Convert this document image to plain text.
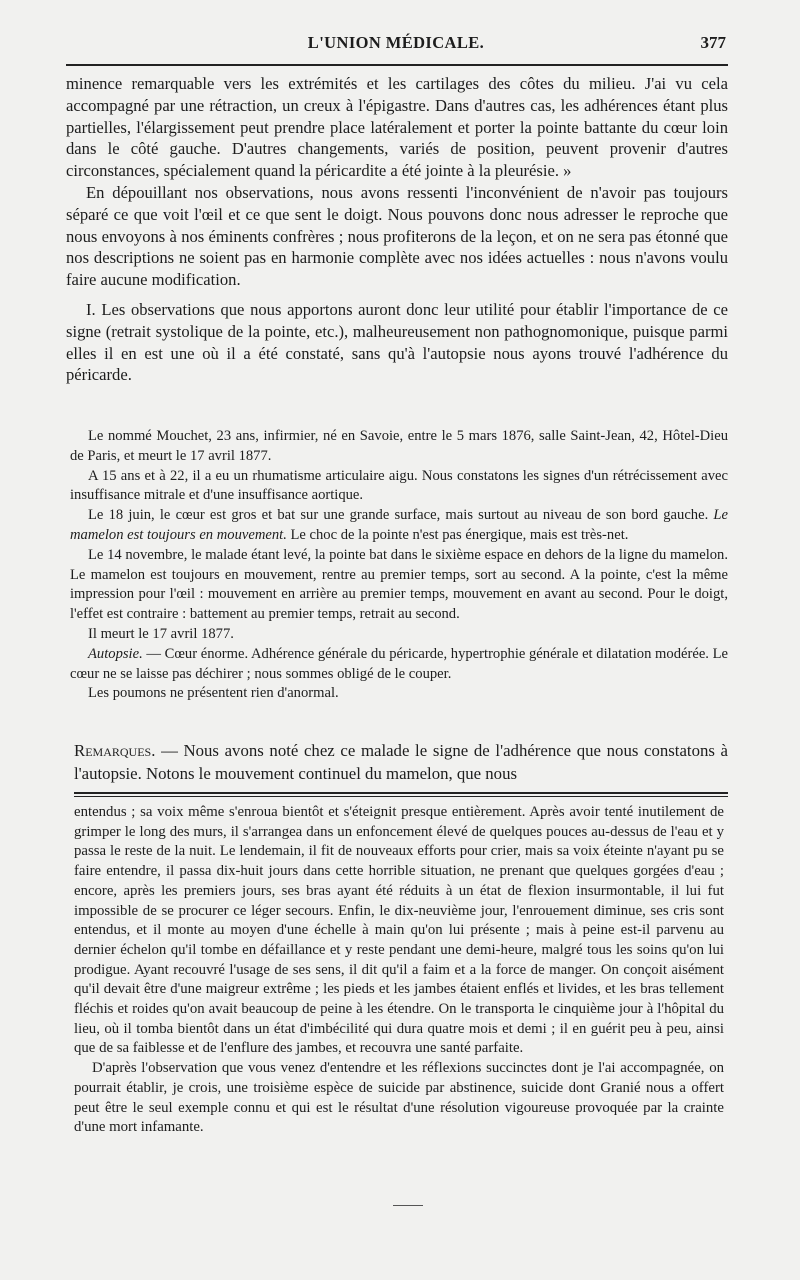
L'UNION MÉDICALE.	377

minence remarquable vers les extrémités et les cartilages des côtes du milieu. J'ai vu cela accompagné par une rétraction, un creux à l'épigastre. Dans d'autres cas, les adhérences étant plus partielles, l'élargissement peut prendre place latéralement et porter la pointe battante du cœur loin dans le côté gauche. D'autres changements, variés de position, peuvent provenir d'autres circonstances, spécialement quand la péricardite a été jointe à la pleurésie. »

En dépouillant nos observations, nous avons ressenti l'inconvénient de n'avoir pas toujours séparé ce que voit l'œil et ce que sent le doigt. Nous pouvons donc nous adresser le reproche que nous envoyons à nos éminents confrères ; nous profiterons de la leçon, et on ne sera pas étonné que nos descriptions ne soient pas en harmonie complète avec nos idées actuelles : nous n'avons voulu faire aucune modification.

I. Les observations que nous apportons auront donc leur utilité pour établir l'importance de ce signe (retrait systolique de la pointe, etc.), malheureusement non pathognomonique, puisque parmi elles il en est une où il a été constaté, sans qu'à l'autopsie nous ayons trouvé l'adhérence du péricarde.

Le nommé Mouchet, 23 ans, infirmier, né en Savoie, entre le 5 mars 1876, salle Saint-Jean, 42, Hôtel-Dieu de Paris, et meurt le 17 avril 1877.

A 15 ans et à 22, il a eu un rhumatisme articulaire aigu. Nous constatons les signes d'un rétrécissement avec insuffisance mitrale et d'une insuffisance aortique.

Le 18 juin, le cœur est gros et bat sur une grande surface, mais surtout au niveau de son bord gauche. Le mamelon est toujours en mouvement. Le choc de la pointe n'est pas énergique, mais est très-net.

Le 14 novembre, le malade étant levé, la pointe bat dans le sixième espace en dehors de la ligne du mamelon. Le mamelon est toujours en mouvement, rentre au premier temps, sort au second. A la pointe, c'est la même impression pour l'œil : mouvement en arrière au premier temps, mouvement en avant au second. Pour le doigt, l'effet est contraire : battement au premier temps, retrait au second.

Il meurt le 17 avril 1877.

Autopsie. — Cœur énorme. Adhérence générale du péricarde, hypertrophie générale et dilatation modérée. Le cœur ne se laisse pas déchirer ; nous sommes obligé de le couper.

Les poumons ne présentent rien d'anormal.

Remarques. — Nous avons noté chez ce malade le signe de l'adhérence que nous constatons à l'autopsie. Notons le mouvement continuel du mamelon, que nous

entendus ; sa voix même s'enroua bientôt et s'éteignit presque entièrement. Après avoir tenté inutilement de grimper le long des murs, il s'arrangea dans un enfoncement élevé de quelques pouces au-dessus de l'eau et y passa le reste de la nuit. Le lendemain, il fit de nouveaux efforts pour crier, mais sa voix éteinte n'ayant pu se faire entendre, il passa dix-huit jours dans cette horrible situation, ne prenant que quelques gorgées d'eau ; encore, après les premiers jours, ses bras ayant été réduits à un état de flexion insurmontable, il lui fut impossible de se procurer ce léger secours. Enfin, le dix-neuvième jour, l'enrouement diminue, ses cris sont entendus, et il monte au moyen d'une échelle à main qu'on lui présente ; mais à peine est-il parvenu au dernier échelon qu'il tombe en défaillance et y reste pendant une demi-heure, malgré tous les soins qu'on lui prodigue. Ayant recouvré l'usage de ses sens, il dit qu'il a faim et a la force de manger. On conçoit aisément qu'il devait être d'une maigreur extrême ; les pieds et les jambes étaient enflés et livides, et les bras tellement fléchis et roides qu'on avait beaucoup de peine à les étendre. On le transporta le cinquième jour à l'hôpital du lieu, où il tomba bientôt dans un état d'imbécilité qui dura quatre mois et demi ; il en guérit peu à peu, ainsi que de sa faiblesse et de l'enflure des jambes, et recouvra une santé parfaite.

D'après l'observation que vous venez d'entendre et les réflexions succinctes dont je l'ai accompagnée, on pourrait établir, je crois, une troisième espèce de suicide par abstinence, suicide dont Granié nous a offert peut être le seul exemple connu et qui est le résultat d'une résolution vigoureuse provoquée par la crainte d'une mort infamante.
